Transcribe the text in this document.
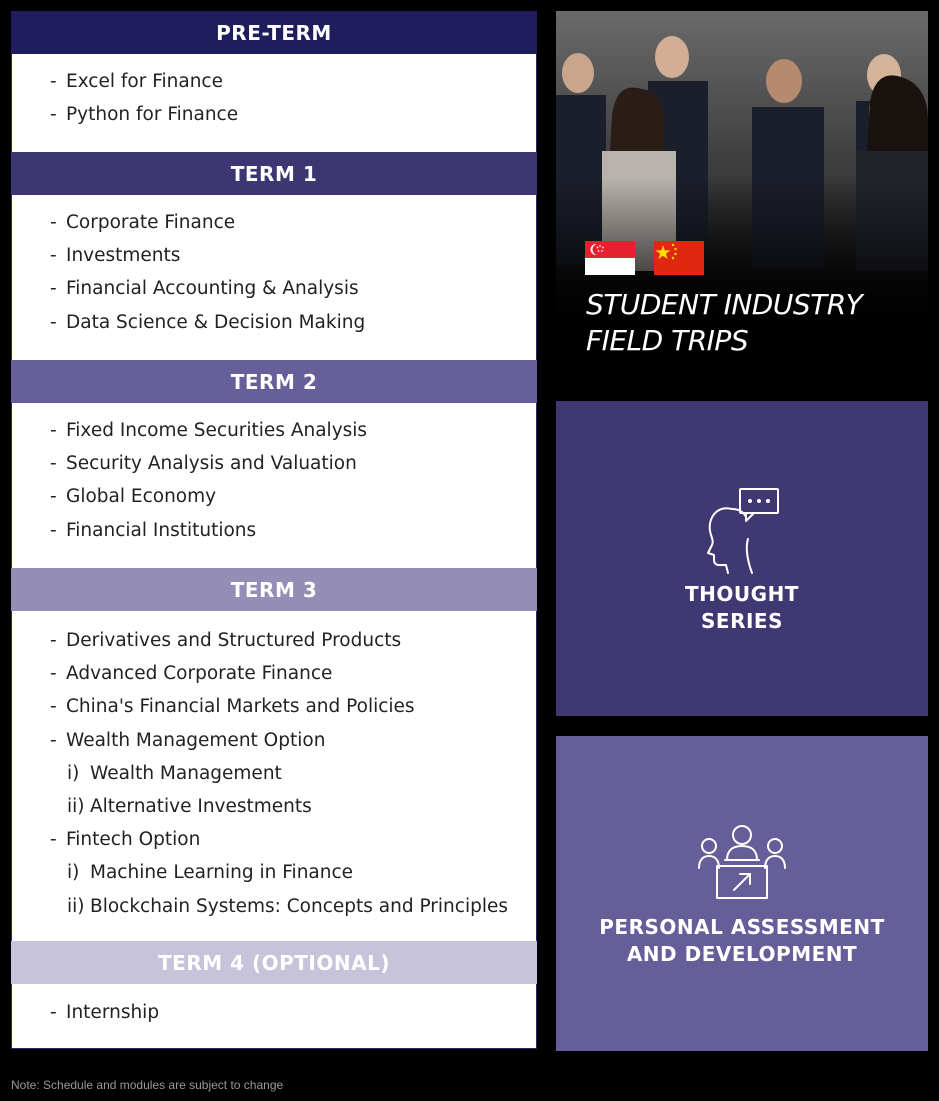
PRE-TERM
- Excel for Finance
- Python for Finance
TERM 1
- Corporate Finance
- Investments
- Financial Accounting & Analysis
- Data Science & Decision Making
TERM 2
- Fixed Income Securities Analysis
- Security Analysis and Valuation
- Global Economy
- Financial Institutions
TERM 3
- Derivatives and Structured Products
- Advanced Corporate Finance
- China's Financial Markets and Policies
- Wealth Management Option
i) Wealth Management
ii) Alternative Investments
- Fintech Option
i) Machine Learning in Finance
ii) Blockchain Systems: Concepts and Principles
TERM 4 (OPTIONAL)
- Internship
STUDENT INDUSTRY
FIELD TRIPS
THOUGHT
SERIES
PERSONAL ASSESSMENT
AND DEVELOPMENT
Note: Schedule and modules are subject to change
